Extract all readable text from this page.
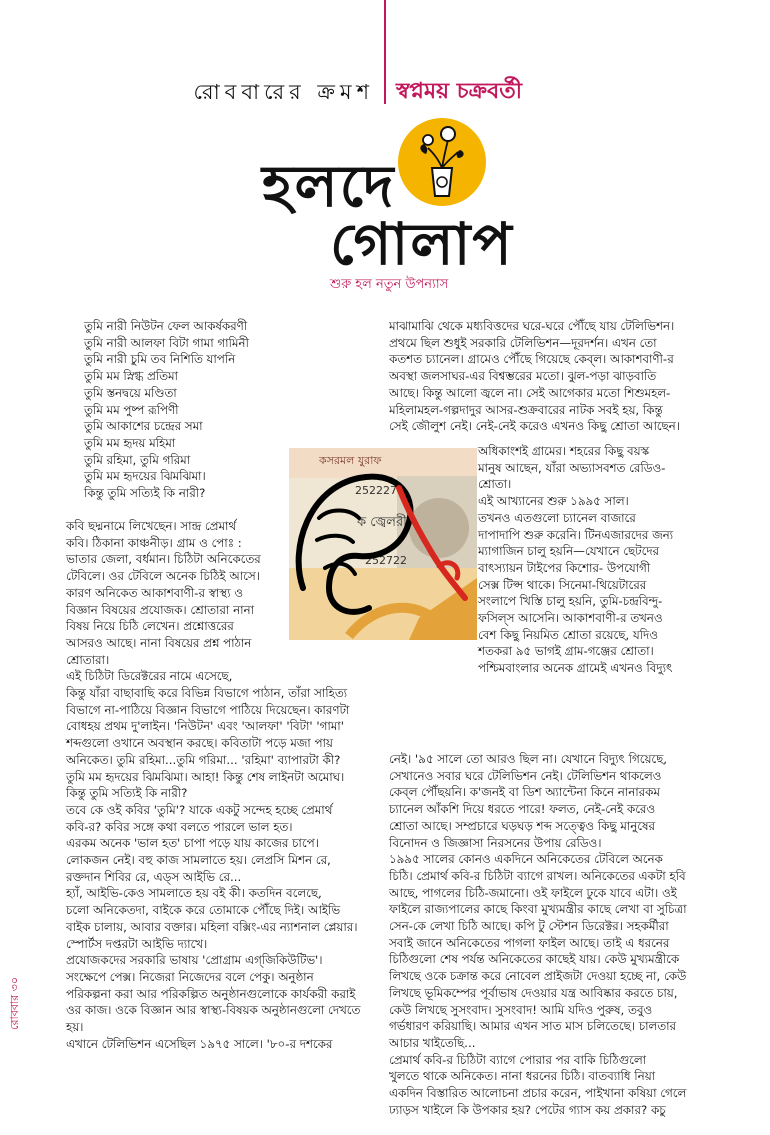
রোববারের ক্রমশ স্বপ্নময় চক্রবর্তী
হলদে
গোলাপ
শুরু হল নতুন উপন্যাস
তুমি নারী নিউটন ফেল আকর্ষকরণী
তুমি নারী আলফা বিটা গামা গামিনী
তুমি নারী চুমি তব নিশিতি যাপনি
তুমি মম স্নিগ্ধ প্রতিমা
তুমি স্তনদ্বয়ে মণ্ডিতা
তুমি মম পুষ্প রূপিণী
তুমি আকাশের চন্দ্রের সমা
তুমি মম হৃদয় মহিমা
তুমি রহিমা, তুমি গরিমা
তুমি মম হৃদয়ের ঝিমঝিমা।
কিন্তু তুমি সত্যিই কি নারী?
কবি ছদ্মনামে লিখেছেন। সান্দ্র প্রেমার্থ
কবি। ঠিকানা কাঞ্চনীড়। গ্রাম ও পোঃ :
ভাতার জেলা, বর্ধমান। চিঠিটা অনিকেতের
টেবিলে। ওর টেবিলে অনেক চিঠিই আসে।
কারণ অনিকেত আকাশবাণী-র স্বাস্থ্য ও
বিজ্ঞান বিষয়ের প্রযোজক। শ্রোতারা নানা
বিষয় নিয়ে চিঠি লেখেন। প্রশ্নোত্তরের
আসরও আছে। নানা বিষয়ের প্রশ্ন পাঠান
শ্রোতারা।
এই চিঠিটা ডিরেক্টরের নামে এসেছে,
কিন্তু যাঁরা বাছাবাছি করে বিভিন্ন বিভাগে পাঠান, তাঁরা সাহিত্য
বিভাগে না-পাঠিয়ে বিজ্ঞান বিভাগে পাঠিয়ে দিয়েছেন। কারণটা
বোধহয় প্রথম দু'লাইন। 'নিউটন' এবং 'আলফা' 'বিটা' 'গামা'
শব্দগুলো ওখানে অবস্থান করছে। কবিতাটা পড়ে মজা পায়
অনিকেত। তুমি রহিমা...তুমি গরিমা... 'রহিমা' ব্যাপারটা কী?
তুমি মম হৃদয়ের ঝিমঝিমা। আহা! কিন্তু শেষ লাইনটা অমোঘ।
কিন্তু তুমি সত্যিই কি নারী?
তবে কে ওই কবির 'তুমি'? যাকে একটু সন্দেহ হচ্ছে প্রেমার্থ
কবি-র? কবির সঙ্গে কথা বলতে পারলে ভাল হত।
এরকম অনেক 'ভাল হত' চাপা পড়ে যায় কাজের চাপে।
লোকজন নেই। বহু কাজ সামলাতে হয়। লেপ্রসি মিশন রে,
রক্তদান শিবির রে, এড্‌স আইভি রে...
হ্যাঁ, আইভি-কেও সামলাতে হয় বই কী। কতদিন বলেছে,
চলো অনিকেতদা, বাইকে করে তোমাকে পৌঁছে দিই। আইভি
বাইক চালায়, আবার বক্তার। মহিলা বক্সিং-এর ন্যাশনাল প্লেয়ার।
স্পোর্টস দপ্তরটা আইভি দ্যাখে।
প্রযোজকদের সরকারি ভাষায় 'প্রোগ্রাম এগ্‌জিকিউটিভ'।
সংক্ষেপে পেক্স। নিজেরা নিজেদের বলে পেকু। অনুষ্ঠান
পরিকল্পনা করা আর পরিকল্পিত অনুষ্ঠানগুলোকে কার্যকরী করাই
ওর কাজ। ওকে বিজ্ঞান আর স্বাস্থ্য-বিষয়ক অনুষ্ঠানগুলো দেখতে
হয়।
এখানে টেলিভিশন এসেছিল ১৯৭৫ সালে। '৮০-র দশকের
মাঝামাঝি থেকে মধ্যবিত্তদের ঘরে-ঘরে পৌঁছে যায় টেলিভিশন।
প্রথমে ছিল শুধুই সরকারি টেলিভিশন—দূরদর্শন। এখন তো
কতশত চ্যানেল। গ্রামেও পৌঁছে গিয়েছে কেব্‌ল। আকাশবাণী-র
অবস্থা জলসাঘর-এর বিশ্বম্ভরের মতো। ঝুল-পড়া ঝাড়বাতি
আছে। কিন্তু আলো জ্বলে না। সেই আগেকার মতো শিশুমহল-
মহিলামহল-গল্পদাদুর আসর-শুক্রবারের নাটক সবই হয়, কিন্তু
সেই জৌলুশ নেই। নেই-নেই করেও এখনও কিছু শ্রোতা আছেন।
অধিকাংশই গ্রামের। শহরের কিছু বয়স্ক
মানুষ আছেন, যাঁরা অভ্যাসবশত রেডিও-
শ্রোতা।
এই আখ্যানের শুরু ১৯৯৫ সাল।
তখনও এতগুলো চ্যানেল বাজারে
দাপাদাপি শুরু করেনি। টিনএজারদের জন্য
ম্যাগাজিন চালু হয়নি—যেখানে ছেটদের
বাৎস্যায়ন টাইপের কিশোর- উপযোগী
সেক্স টিপ্স থাকে। সিনেমা-থিয়েটারের
সংলাপে খিস্তি চালু হয়নি, তুমি-চন্দ্রবিন্দু-
ফসিল্স আসেনি। আকাশবাণী-র তখনও
বেশ কিছু নিয়মিত শ্রোতা রয়েছে, যদিও
শতকরা ৯৫ ভাগই গ্রাম-গঞ্জের শ্রোতা।
পশ্চিমবাংলার অনেক গ্রামেই এখনও বিদ্যুৎ
নেই। '৯৫ সালে তো আরও ছিল না। যেখানে বিদ্যুৎ গিয়েছে,
সেখানেও সবার ঘরে টেলিভিশন নেই। টেলিভিশন থাকলেও
কেব্‌ল পৌঁছয়নি। ক'জনই বা ডিশ অ্যান্টেনা কিনে নানারকম
চ্যানেল আঁকশি দিয়ে ধরতে পারে! ফলত, নেই-নেই করেও
শ্রোতা আছে। সম্প্রচারে ঘড়ঘড় শব্দ সত্ত্বেও কিছু মানুষের
বিনোদন ও জিজ্ঞাসা নিরসনের উপায় রেডিও।
১৯৯৫ সালের কোনও একদিনে অনিকেতের টেবিলে অনেক
চিঠি। প্রেমার্থ কবি-র চিঠিটা ব্যাগে রাখল। অনিকেতের একটা হবি
আছে, পাগলের চিঠি-জমানো। ওই ফাইলে ঢুকে যাবে এটা। ওই
ফাইলে রাজ্যপালের কাছে কিংবা মুখ্যমন্ত্রীর কাছে লেখা বা সুচিত্রা
সেন-কে লেখা চিঠি আছে। কপি টু স্টেশন ডিরেক্টর। সহকর্মীরা
সবাই জানে অনিকেতের পাগলা ফাইল আছে। তাই এ ধরনের
চিঠিগুলো শেষ পর্যন্ত অনিকেতের কাছেই যায়। কেউ মুখ্যমন্ত্রীকে
লিখছে ওকে চক্রান্ত করে নোবেল প্রাইজটা দেওয়া হচ্ছে না, কেউ
লিখছে ভূমিকম্পের পূর্বাভাষ দেওয়ার যন্ত্র আবিষ্কার করতে চায়,
কেউ লিখছে সুসংবাদ। সুসংবাদ! আমি যদিও পুরুষ, তবুও
গর্ভধারণ করিয়াছি। আমার এখন সাত মাস চলিতেছে। চালতার
আচার খাইতেছি...
প্রেমার্থ কবি-র চিঠিটা ব্যাগে পোরার পর বাকি চিঠিগুলো
খুলতে থাকে অনিকেত। নানা ধরনের চিঠি। বাতব্যাধি নিয়া
একদিন বিস্তারিত আলোচনা প্রচার করেন, পাইখানা কষিয়া গেলে
ঢ্যাড়স খাইলে কি উপকার হয়? পেটের গ্যাস কয় প্রকার? কচু
কসরমল যুরাফ
252227
ক জ্বেলরী
252722
রোববার ৩০
